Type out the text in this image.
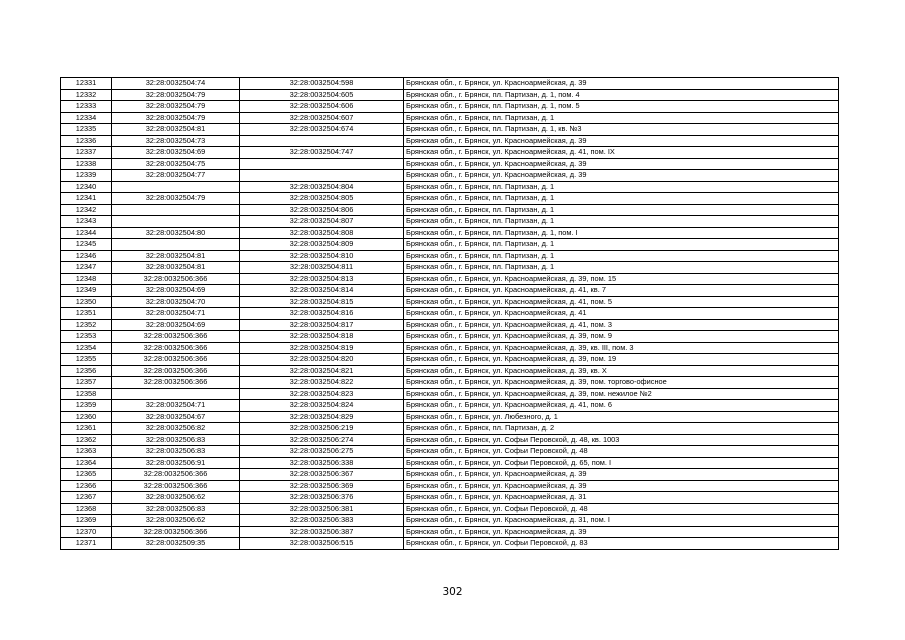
12331	32:28:0032504:74	32:28:0032504:598	Брянская обл., г. Брянск, ул. Красноармейская, д. 39
12332	32:28:0032504:79	32:28:0032504:605	Брянская обл., г. Брянск, пл. Партизан, д. 1, пом. 4
12333	32:28:0032504:79	32:28:0032504:606	Брянская обл., г. Брянск, пл. Партизан, д. 1, пом. 5
12334	32:28:0032504:79	32:28:0032504:607	Брянская обл., г. Брянск, пл. Партизан, д. 1
12335	32:28:0032504:81	32:28:0032504:674	Брянская обл., г. Брянск, пл. Партизан, д. 1, кв. №3
12336	32:28:0032504:73		Брянская обл., г. Брянск, ул. Красноармейская, д. 39
12337	32:28:0032504:69	32:28:0032504:747	Брянская обл., г. Брянск, ул. Красноармейская, д. 41, пом. IX
12338	32:28:0032504:75		Брянская обл., г. Брянск, ул. Красноармейская, д. 39
12339	32:28:0032504:77		Брянская обл., г. Брянск, ул. Красноармейская, д. 39
12340		32:28:0032504:804	Брянская обл., г. Брянск, пл. Партизан, д. 1
12341	32:28:0032504:79	32:28:0032504:805	Брянская обл., г. Брянск, пл. Партизан, д. 1
12342		32:28:0032504:806	Брянская обл., г. Брянск, пл. Партизан, д. 1
12343		32:28:0032504:807	Брянская обл., г. Брянск, пл. Партизан, д. 1
12344	32:28:0032504:80	32:28:0032504:808	Брянская обл., г. Брянск, пл. Партизан, д. 1, пом. I
12345		32:28:0032504:809	Брянская обл., г. Брянск, пл. Партизан, д. 1
12346	32:28:0032504:81	32:28:0032504:810	Брянская обл., г. Брянск, пл. Партизан, д. 1
12347	32:28:0032504:81	32:28:0032504:811	Брянская обл., г. Брянск, пл. Партизан, д. 1
12348	32:28:0032506:366	32:28:0032504:813	Брянская обл., г. Брянск, ул. Красноармейская, д. 39, пом. 15
12349	32:28:0032504:69	32:28:0032504:814	Брянская обл., г. Брянск, ул. Красноармейская, д. 41, кв. 7
12350	32:28:0032504:70	32:28:0032504:815	Брянская обл., г. Брянск, ул. Красноармейская, д. 41, пом. 5
12351	32:28:0032504:71	32:28:0032504:816	Брянская обл., г. Брянск, ул. Красноармейская, д. 41
12352	32:28:0032504:69	32:28:0032504:817	Брянская обл., г. Брянск, ул. Красноармейская, д. 41, пом. 3
12353	32:28:0032506:366	32:28:0032504:818	Брянская обл., г. Брянск, ул. Красноармейская, д. 39, пом. 9
12354	32:28:0032506:366	32:28:0032504:819	Брянская обл., г. Брянск, ул. Красноармейская, д. 39, кв. III, пом. 3
12355	32:28:0032506:366	32:28:0032504:820	Брянская обл., г. Брянск, ул. Красноармейская, д. 39, пом. 19
12356	32:28:0032506:366	32:28:0032504:821	Брянская обл., г. Брянск, ул. Красноармейская, д. 39, кв. X
12357	32:28:0032506:366	32:28:0032504:822	Брянская обл., г. Брянск, ул. Красноармейская, д. 39, пом. торгово-офисное
12358		32:28:0032504:823	Брянская обл., г. Брянск, ул. Красноармейская, д. 39, пом. нежилое №2
12359	32:28:0032504:71	32:28:0032504:824	Брянская обл., г. Брянск, ул. Красноармейская, д. 41, пом. 6
12360	32:28:0032504:67	32:28:0032504:829	Брянская обл., г. Брянск, ул. Любезного, д. 1
12361	32:28:0032506:82	32:28:0032506:219	Брянская обл., г. Брянск, пл. Партизан, д. 2
12362	32:28:0032506:83	32:28:0032506:274	Брянская обл., г. Брянск, ул. Софьи Перовской, д. 48, кв. 1003
12363	32:28:0032506:83	32:28:0032506:275	Брянская обл., г. Брянск, ул. Софьи Перовской, д. 48
12364	32:28:0032506:91	32:28:0032506:338	Брянская обл., г. Брянск, ул. Софьи Перовской, д. 65, пом. I
12365	32:28:0032506:366	32:28:0032506:367	Брянская обл., г. Брянск, ул. Красноармейская, д. 39
12366	32:28:0032506:366	32:28:0032506:369	Брянская обл., г. Брянск, ул. Красноармейская, д. 39
12367	32:28:0032506:62	32:28:0032506:376	Брянская обл., г. Брянск, ул. Красноармейская, д. 31
12368	32:28:0032506:83	32:28:0032506:381	Брянская обл., г. Брянск, ул. Софьи Перовской, д. 48
12369	32:28:0032506:62	32:28:0032506:383	Брянская обл., г. Брянск, ул. Красноармейская, д. 31, пом. I
12370	32:28:0032506:366	32:28:0032506:387	Брянская обл., г. Брянск, ул. Красноармейская, д. 39
12371	32:28:0032509:35	32:28:0032506:515	Брянская обл., г. Брянск, ул. Софьи Перовской, д. 83
302
